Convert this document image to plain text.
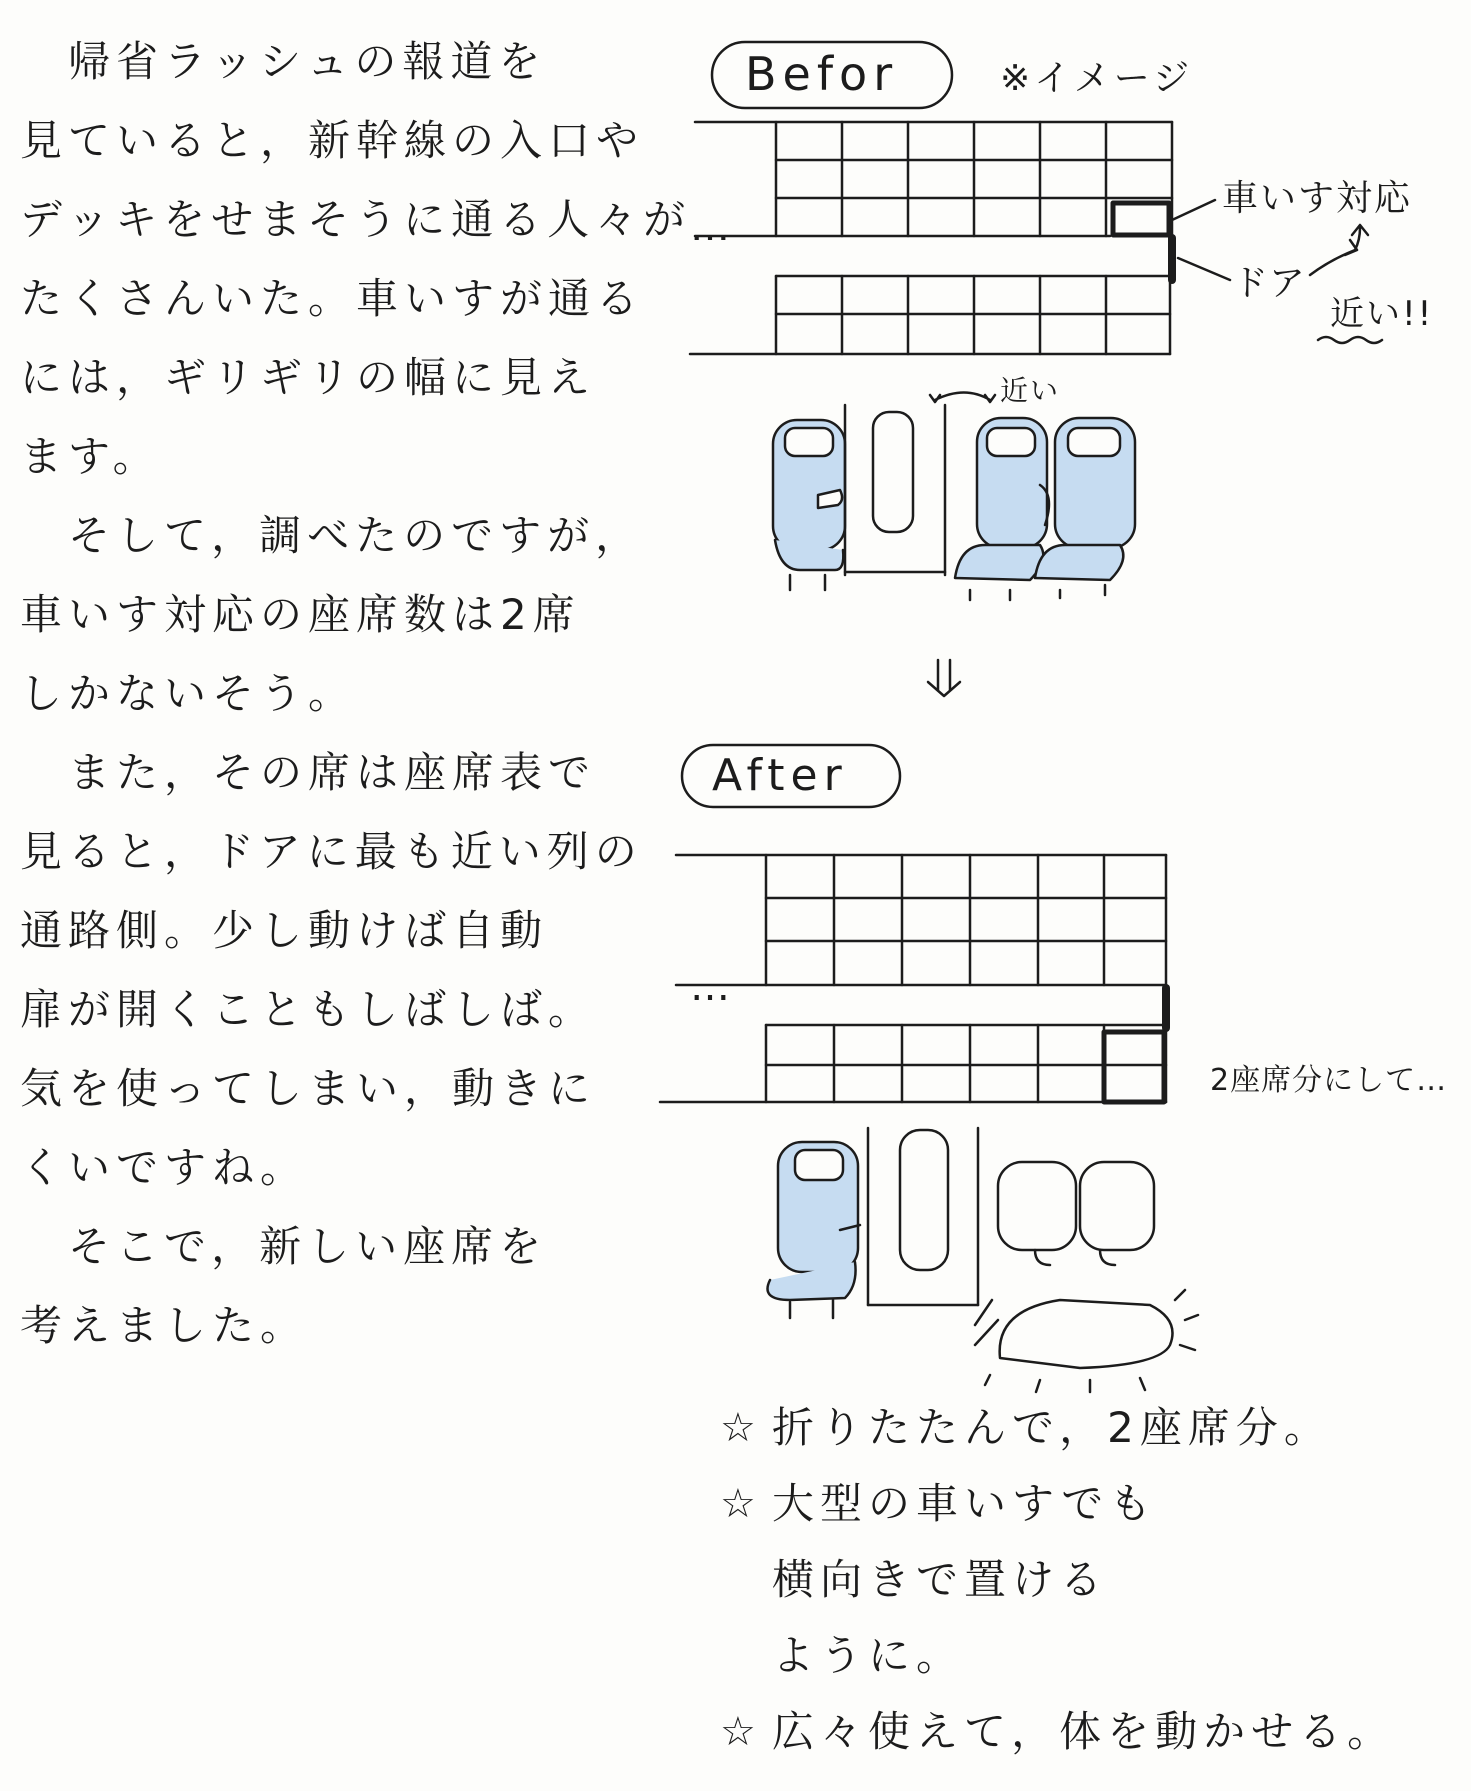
　帰省ラッシュの報道を
見ていると，新幹線の入口や
デッキをせまそうに通る人々が
たくさんいた。車いすが通る
には，ギリギリの幅に見え
ます。
　そして，調べたのですが，
車いす対応の座席数は2席
しかないそう。
　また，その席は座席表で
見ると，ドアに最も近い列の
通路側。少し動けば自動
扉が開くこともしばしば。
気を使ってしまい，動きに
くいですね。
　そこで，新しい座席を
考えました。
Befor	※イメージ
…
車いす対応
ドア
近い!!
近い
After
…
2座席分にして…
☆ 折りたたんで，2座席分。
☆ 大型の車いすでも
横向きで置ける
ように。
☆ 広々使えて，体を動かせる。
